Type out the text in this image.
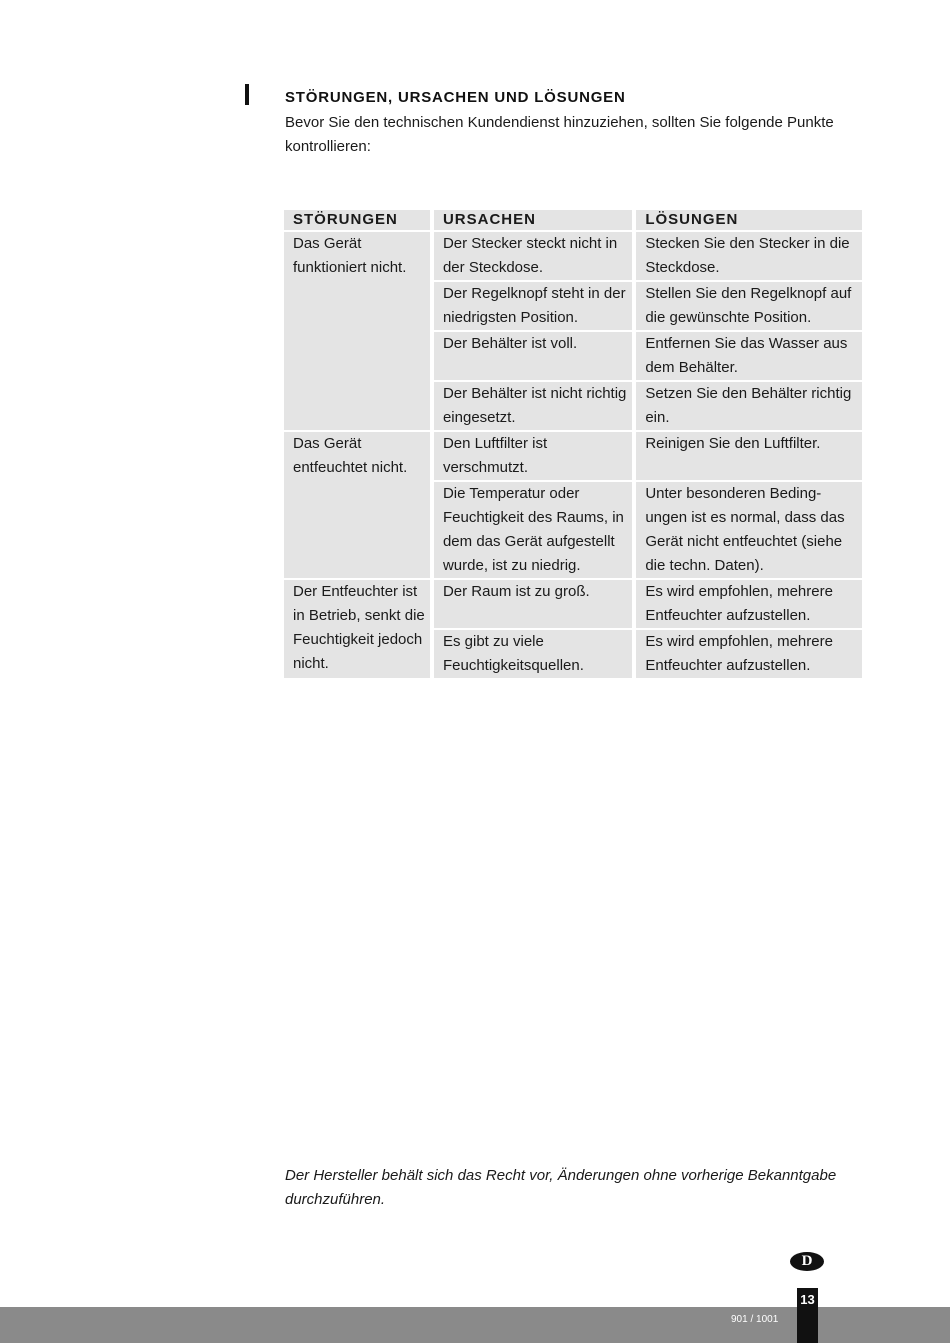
STÖRUNGEN, URSACHEN UND LÖSUNGEN
Bevor Sie den technischen Kundendienst hinzuziehen, sollten Sie folgende Punkte kontrollieren:
STÖRUNGEN	URSACHEN	LÖSUNGEN
Das Gerät funktioniert nicht.	Der Stecker steckt nicht in der Steckdose.	Stecken Sie den Stecker in die Steckdose.
	Der Regelknopf steht in der niedrigsten Position.	Stellen Sie den Regelknopf auf die gewünschte Position.
	Der Behälter ist voll.	Entfernen Sie das Wasser aus dem Behälter.
	Der Behälter ist nicht richtig eingesetzt.	Setzen Sie den Behälter richtig ein.
Das Gerät entfeuchtet nicht.	Den Luftfilter ist verschmutzt.	Reinigen Sie den Luftfilter.
	Die Temperatur oder Feuchtigkeit des Raums, in dem das Gerät aufgestellt wurde, ist zu niedrig.	Unter besonderen Beding-ungen ist es normal, dass das Gerät nicht entfeuchtet (siehe die techn. Daten).
Der Entfeuchter ist in Betrieb, senkt die Feuchtigkeit jedoch nicht.	Der Raum ist zu groß.	Es wird empfohlen, mehrere Entfeuchter aufzustellen.
	Es gibt zu viele Feuchtigkeitsquellen.	Es wird empfohlen, mehrere Entfeuchter aufzustellen.
Der Hersteller behält sich das Recht vor, Änderungen ohne vorherige Bekanntgabe durchzuführen.
D
901 / 1001
13
